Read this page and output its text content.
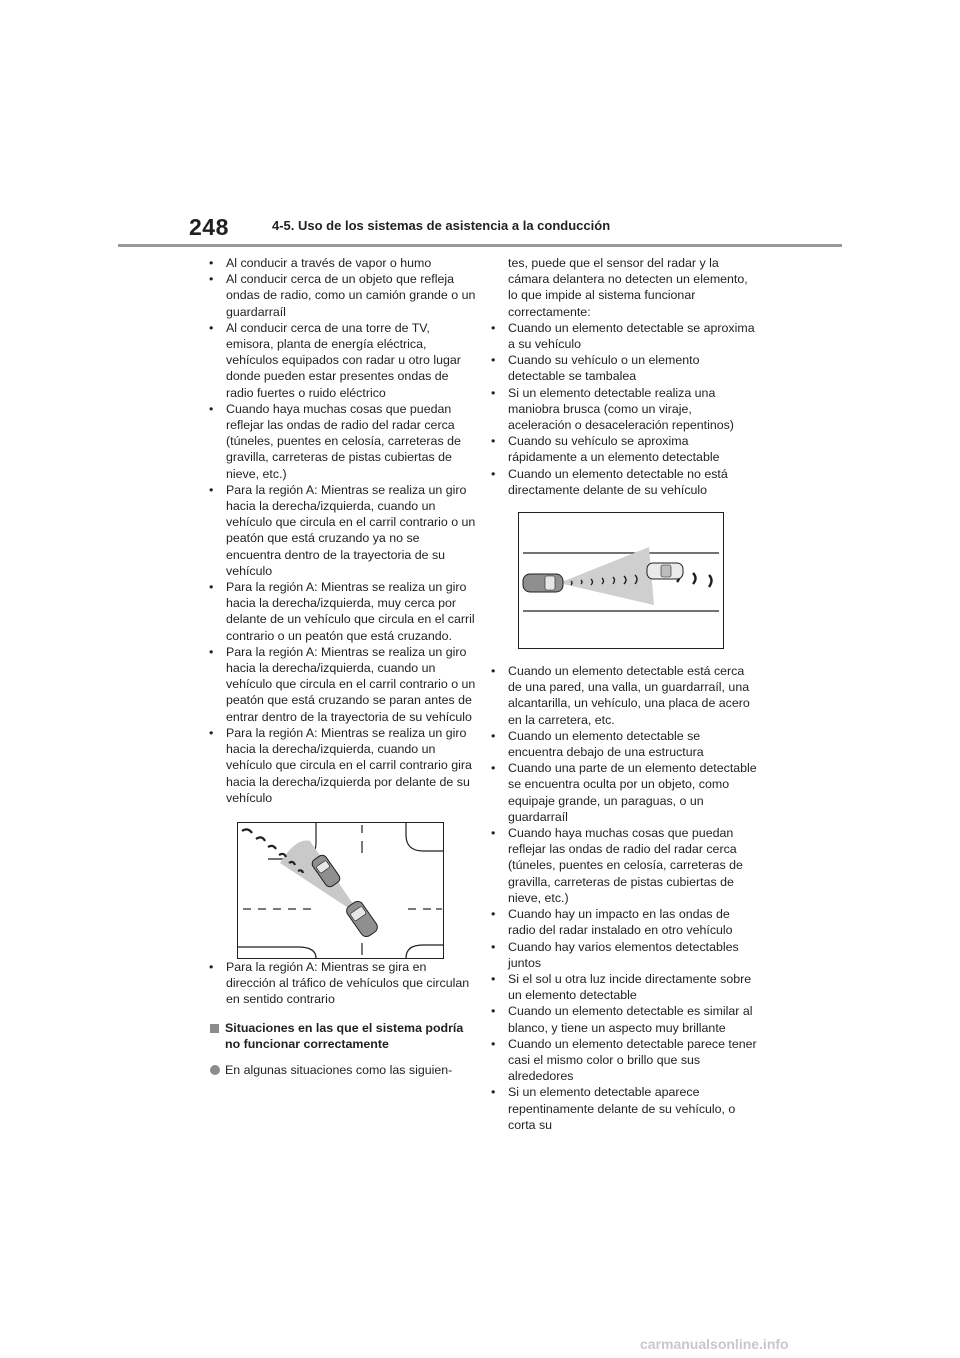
248	4-5. Uso de los sistemas de asistencia a la conducción
• Al conducir a través de vapor o humo
• Al conducir cerca de un objeto que refleja ondas de radio, como un camión grande o un guardarraíl
• Al conducir cerca de una torre de TV, emisora, planta de energía eléctrica, vehículos equipados con radar u otro lugar donde pueden estar presentes ondas de radio fuertes o ruido eléctrico
• Cuando haya muchas cosas que puedan reflejar las ondas de radio del radar cerca (túneles, puentes en celosía, carreteras de gravilla, carreteras de pistas cubiertas de nieve, etc.)
• Para la región A: Mientras se realiza un giro hacia la derecha/izquierda, cuando un vehículo que circula en el carril contrario o un peatón que está cruzando ya no se encuentra dentro de la trayectoria de su vehículo
• Para la región A: Mientras se realiza un giro hacia la derecha/izquierda, muy cerca por delante de un vehículo que circula en el carril contrario o un peatón que está cruzando.
• Para la región A: Mientras se realiza un giro hacia la derecha/izquierda, cuando un vehículo que circula en el carril contrario o un peatón que está cruzando se paran antes de entrar dentro de la trayectoria de su vehículo
• Para la región A: Mientras se realiza un giro hacia la derecha/izquierda, cuando un vehículo que circula en el carril contrario gira hacia la derecha/izquierda por delante de su vehículo
• Para la región A: Mientras se gira en dirección al tráfico de vehículos que circulan en sentido contrario
Situaciones en las que el sistema podría no funcionar correctamente
En algunas situaciones como las siguien-
tes, puede que el sensor del radar y la cámara delantera no detecten un elemento, lo que impide al sistema funcionar correctamente:
• Cuando un elemento detectable se aproxima a su vehículo
• Cuando su vehículo o un elemento detectable se tambalea
• Si un elemento detectable realiza una maniobra brusca (como un viraje, aceleración o desaceleración repentinos)
• Cuando su vehículo se aproxima rápidamente a un elemento detectable
• Cuando un elemento detectable no está directamente delante de su vehículo
• Cuando un elemento detectable está cerca de una pared, una valla, un guardarraíl, una alcantarilla, un vehículo, una placa de acero en la carretera, etc.
• Cuando un elemento detectable se encuentra debajo de una estructura
• Cuando una parte de un elemento detectable se encuentra oculta por un objeto, como equipaje grande, un paraguas, o un guardarraíl
• Cuando haya muchas cosas que puedan reflejar las ondas de radio del radar cerca (túneles, puentes en celosía, carreteras de gravilla, carreteras de pistas cubiertas de nieve, etc.)
• Cuando hay un impacto en las ondas de radio del radar instalado en otro vehículo
• Cuando hay varios elementos detectables juntos
• Si el sol u otra luz incide directamente sobre un elemento detectable
• Cuando un elemento detectable es similar al blanco, y tiene un aspecto muy brillante
• Cuando un elemento detectable parece tener casi el mismo color o brillo que sus alrededores
• Si un elemento detectable aparece repentinamente delante de su vehículo, o corta su
carmanualsonline.info
